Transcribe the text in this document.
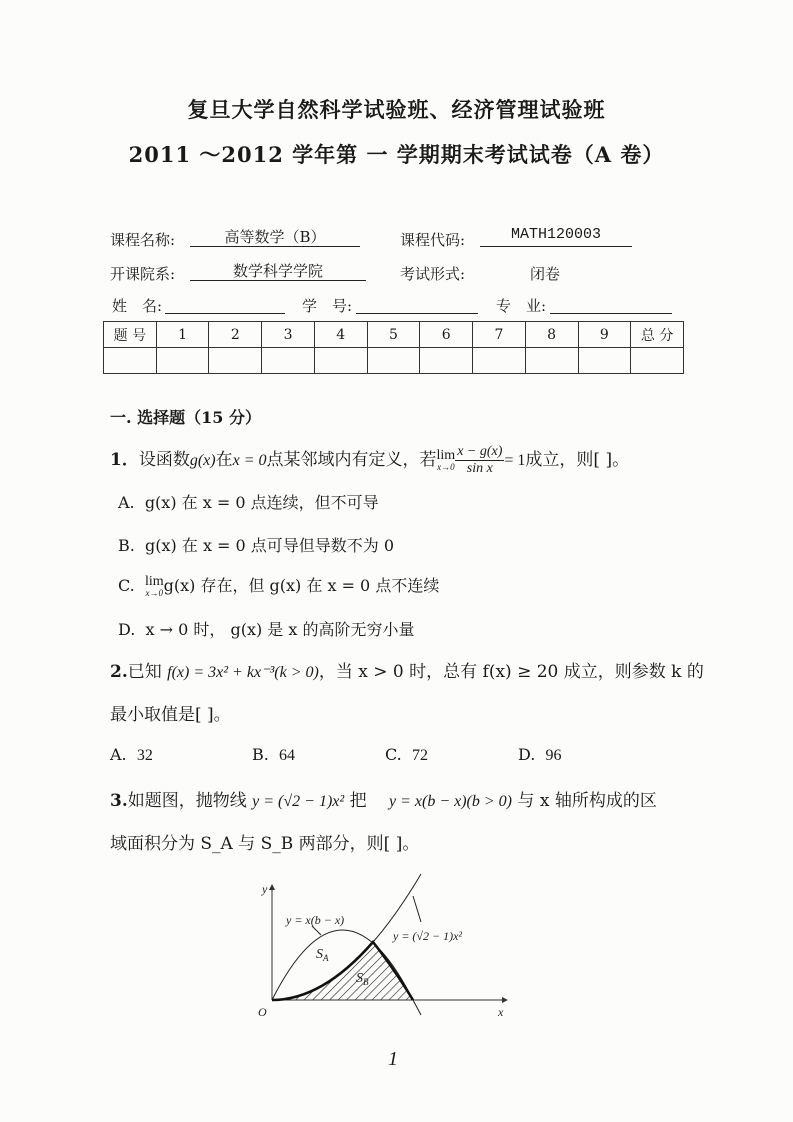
复旦大学自然科学试验班、经济管理试验班
2011 ～2012 学年第 一 学期期末考试试卷（A 卷）
课程名称:	高等数学（B）	课程代码:	MATH120003
开课院系:	数学科学学院	考试形式:	闭卷
姓　名:	学　号:	专　业:
题 号	1	2	3	4	5	6	7	8	9	总 分

一. 选择题（15 分）
1．设函数g(x)在x = 0点某邻域内有定义，若lim
$x\to 0 \frac{x - g(x)}{\text{sin x}} = 1$成立，则[ ]。
A. g(x) 在 x = 0 点连续，但不可导
B. g(x) 在 x = 0 点可导但导数不为 0
C. lim
x→0 g(x) 存在，但 g(x) 在 x = 0 点不连续
D. x → 0 时， g(x) 是 x 的高阶无穷小量
2.已知 f(x) = 3x² + kx⁻³(k > 0)，当 x > 0 时，总有 f(x) ≥ 20 成立，则参数 k 的
最小取值是[ ]。
A. 32	B. 64	C. 72	D. 96
3.如题图，抛物线 y = (√2 − 1)x² 把　 y = x(b − x)(b > 0) 与 x 轴所构成的区
域面积分为 S_A 与 S_B 两部分，则[ ]。
y
x
O
y = x(b − x)
y = (√2 − 1)x²
$S_A$
$S_B$
1
